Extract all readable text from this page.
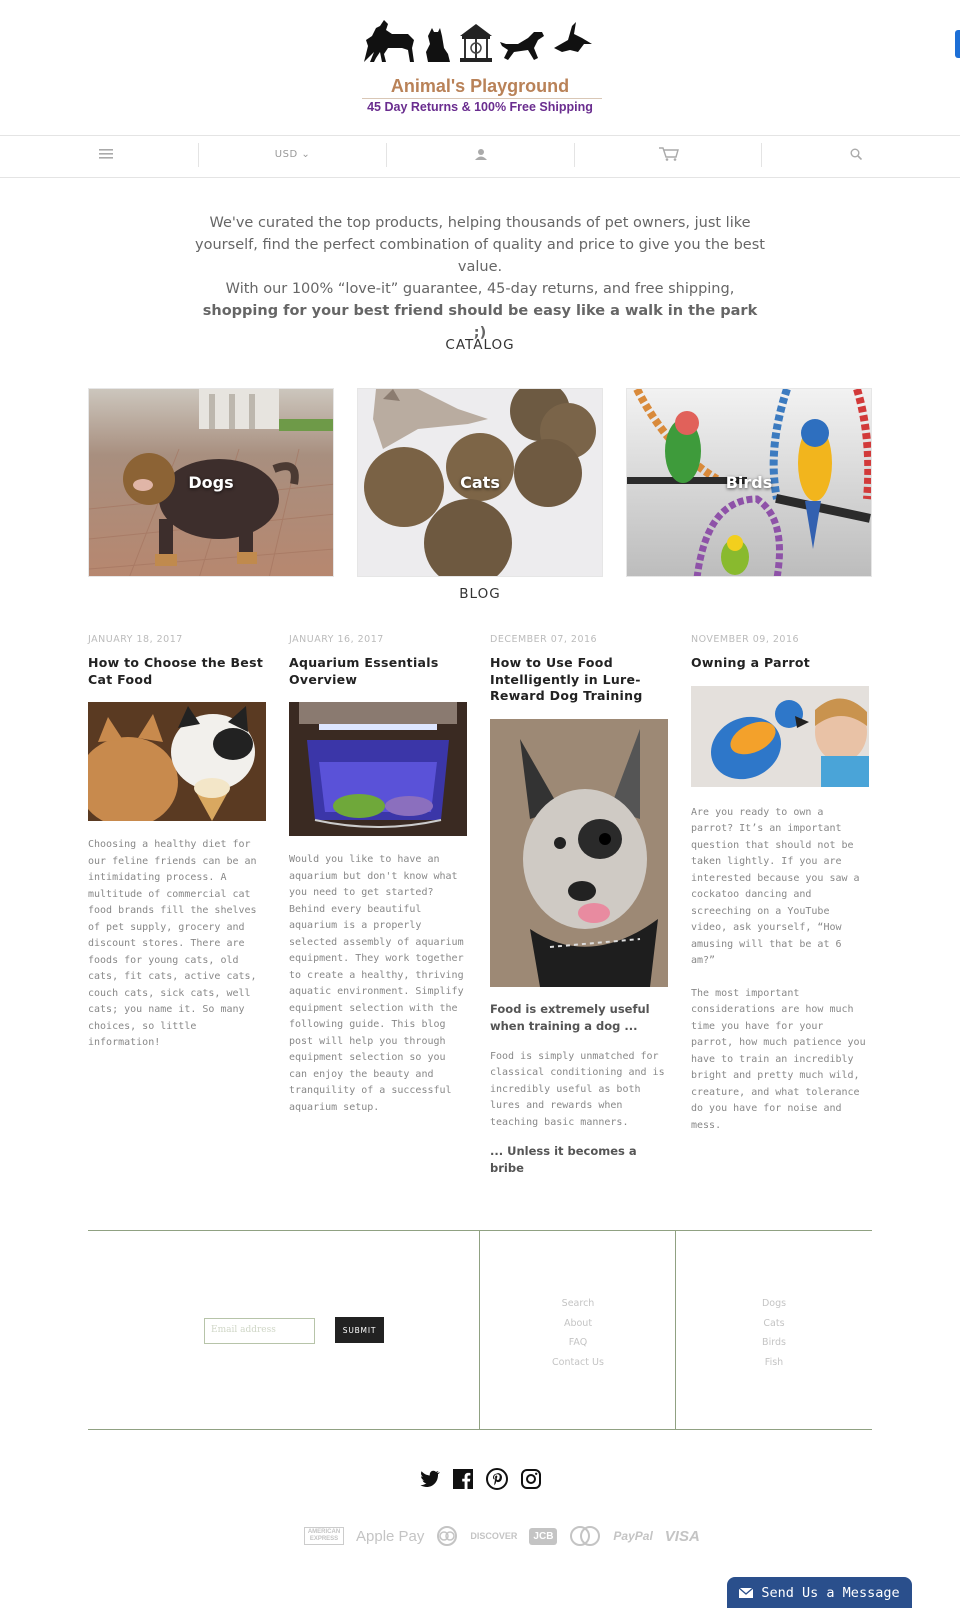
Animal's Playground
45 Day Returns & 100% Free Shipping
USD ⌄
We've curated the top products, helping thousands of pet owners, just like yourself, find the perfect combination of quality and price to give you the best value.
With our 100% “love-it” guarantee, 45-day returns, and free shipping, shopping for your best friend should be easy like a walk in the park ;)
CATALOG
Dogs	Cats	Birds
BLOG
JANUARY 18, 2017
How to Choose the Best Cat Food
Choosing a healthy diet for our feline friends can be an intimidating process. A multitude of commercial cat food brands fill the shelves of pet supply, grocery and discount stores. There are foods for young cats, old cats, fit cats, active cats, couch cats, sick cats, well cats; you name it. So many choices, so little information!
JANUARY 16, 2017
Aquarium Essentials Overview
Would you like to have an aquarium but don't know what you need to get started? Behind every beautiful aquarium is a properly selected assembly of aquarium equipment. They work together to create a healthy, thriving aquatic environment. Simplify equipment selection with the following guide. This blog post will help you through equipment selection so you can enjoy the beauty and tranquility of a successful aquarium setup.
DECEMBER 07, 2016
How to Use Food Intelligently in Lure-Reward Dog Training
Food is extremely useful when training a dog ...
Food is simply unmatched for classical conditioning and is incredibly useful as both lures and rewards when teaching basic manners.
... Unless it becomes a bribe
NOVEMBER 09, 2016
Owning a Parrot
Are you ready to own a parrot? It’s an important question that should not be taken lightly. If you are interested because you saw a cockatoo dancing and screeching on a YouTube video, ask yourself, “How amusing will that be at 6 am?”
The most important considerations are how much time you have for your parrot, how much patience you have to train an incredibly bright and pretty much wild, creature, and what tolerance do you have for noise and mess.
Email address	SUBMIT
Search
About
FAQ
Contact Us
Dogs
Cats
Birds
Fish
AMERICAN EXPRESS	Apple Pay	DISCOVER	JCB	PayPal VISA
Send Us a Message
